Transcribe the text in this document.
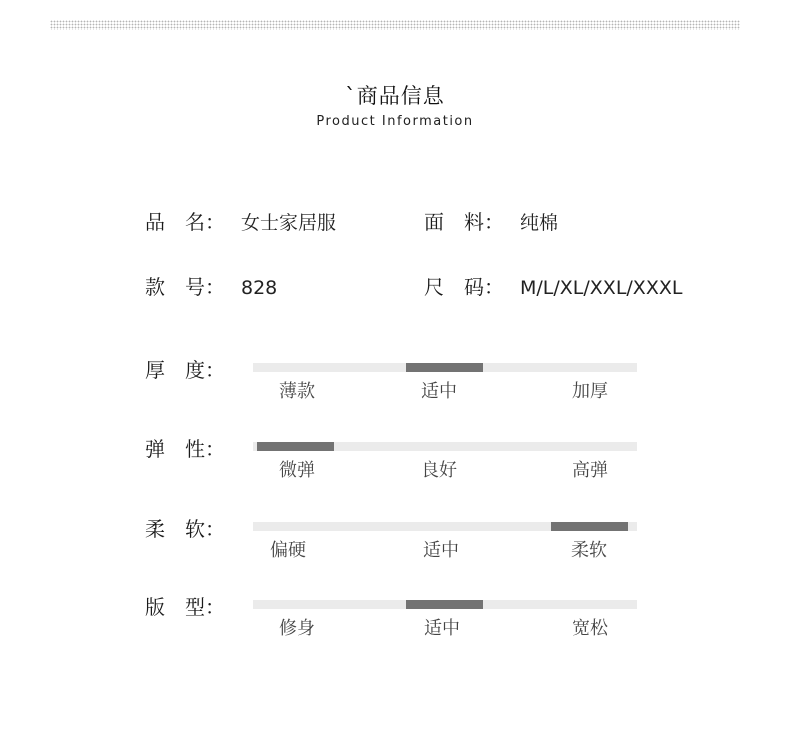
`商品信息
Product Information
品　名： 女士家居服	面　料： 纯棉
款　号： 828	尺　码： M/L/XL/XXL/XXXL
厚　度：
薄款	适中	加厚
弹　性：
微弹	良好	高弹
柔　软：
偏硬	适中	柔软
版　型：
修身	适中	宽松
